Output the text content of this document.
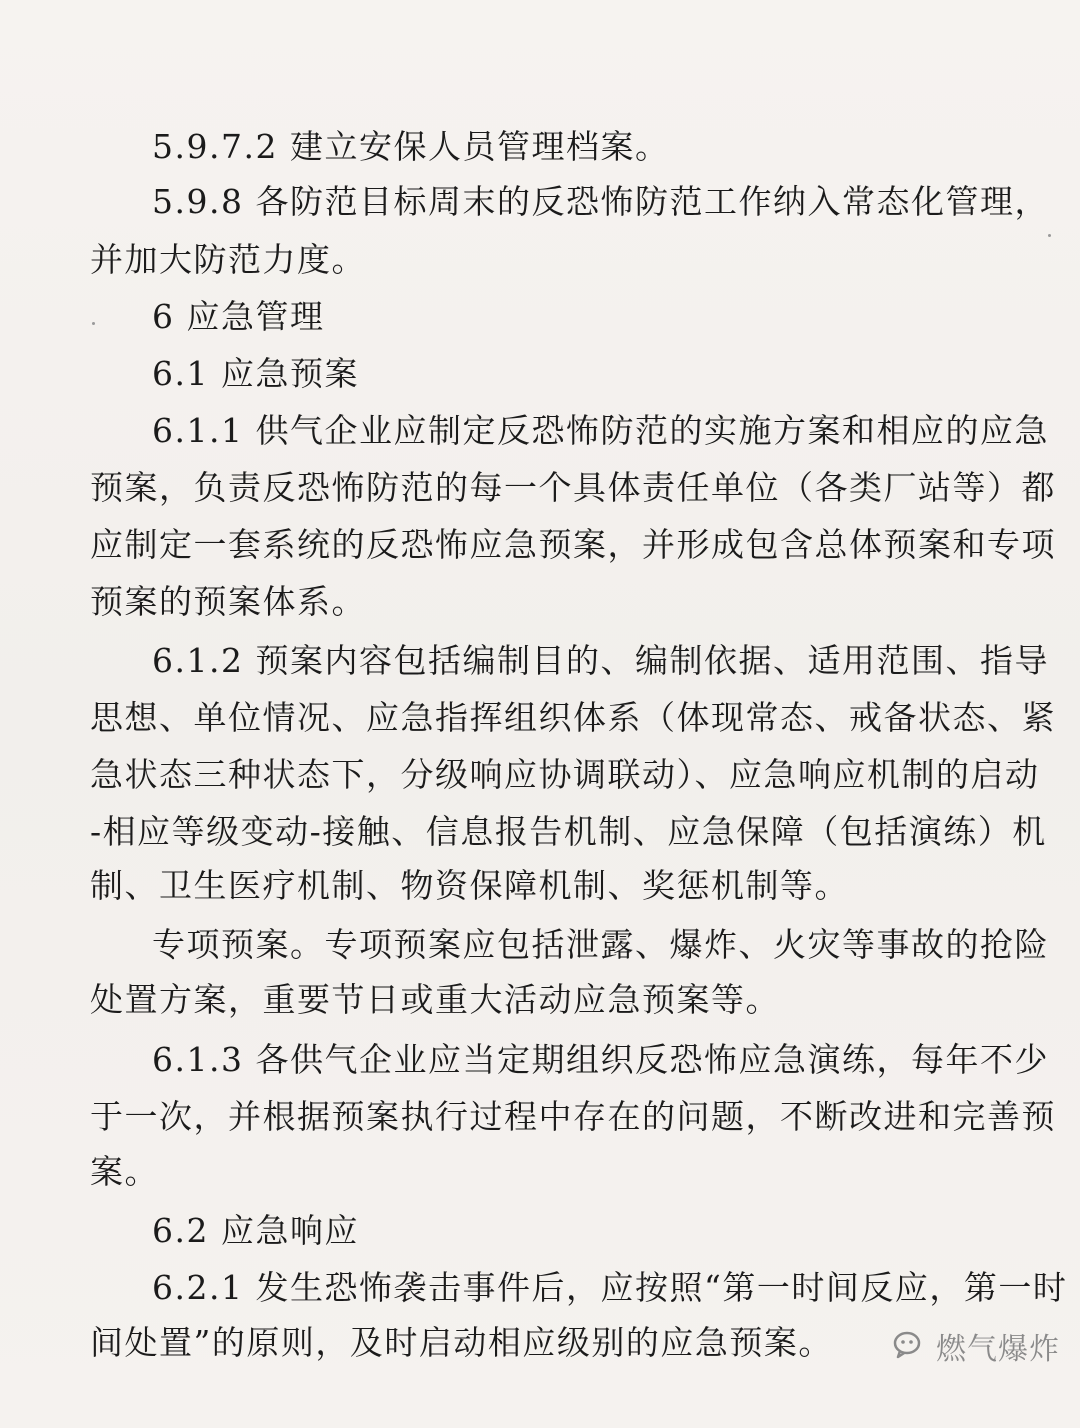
5.9.7.2 建立安保人员管理档案。
5.9.8 各防范目标周末的反恐怖防范工作纳入常态化管理，
并加大防范力度。
6 应急管理
6.1 应急预案
6.1.1 供气企业应制定反恐怖防范的实施方案和相应的应急
预案，负责反恐怖防范的每一个具体责任单位（各类厂站等）都
应制定一套系统的反恐怖应急预案，并形成包含总体预案和专项
预案的预案体系。
6.1.2 预案内容包括编制目的、编制依据、适用范围、指导
思想、单位情况、应急指挥组织体系（体现常态、戒备状态、紧
急状态三种状态下，分级响应协调联动）、应急响应机制的启动
-相应等级变动-接触、信息报告机制、应急保障（包括演练）机
制、卫生医疗机制、物资保障机制、奖惩机制等。
专项预案。专项预案应包括泄露、爆炸、火灾等事故的抢险
处置方案，重要节日或重大活动应急预案等。
6.1.3 各供气企业应当定期组织反恐怖应急演练，每年不少
于一次，并根据预案执行过程中存在的问题，不断改进和完善预
案。
6.2 应急响应
6.2.1 发生恐怖袭击事件后，应按照“第一时间反应，第一时
间处置”的原则，及时启动相应级别的应急预案。	燃气爆炸
